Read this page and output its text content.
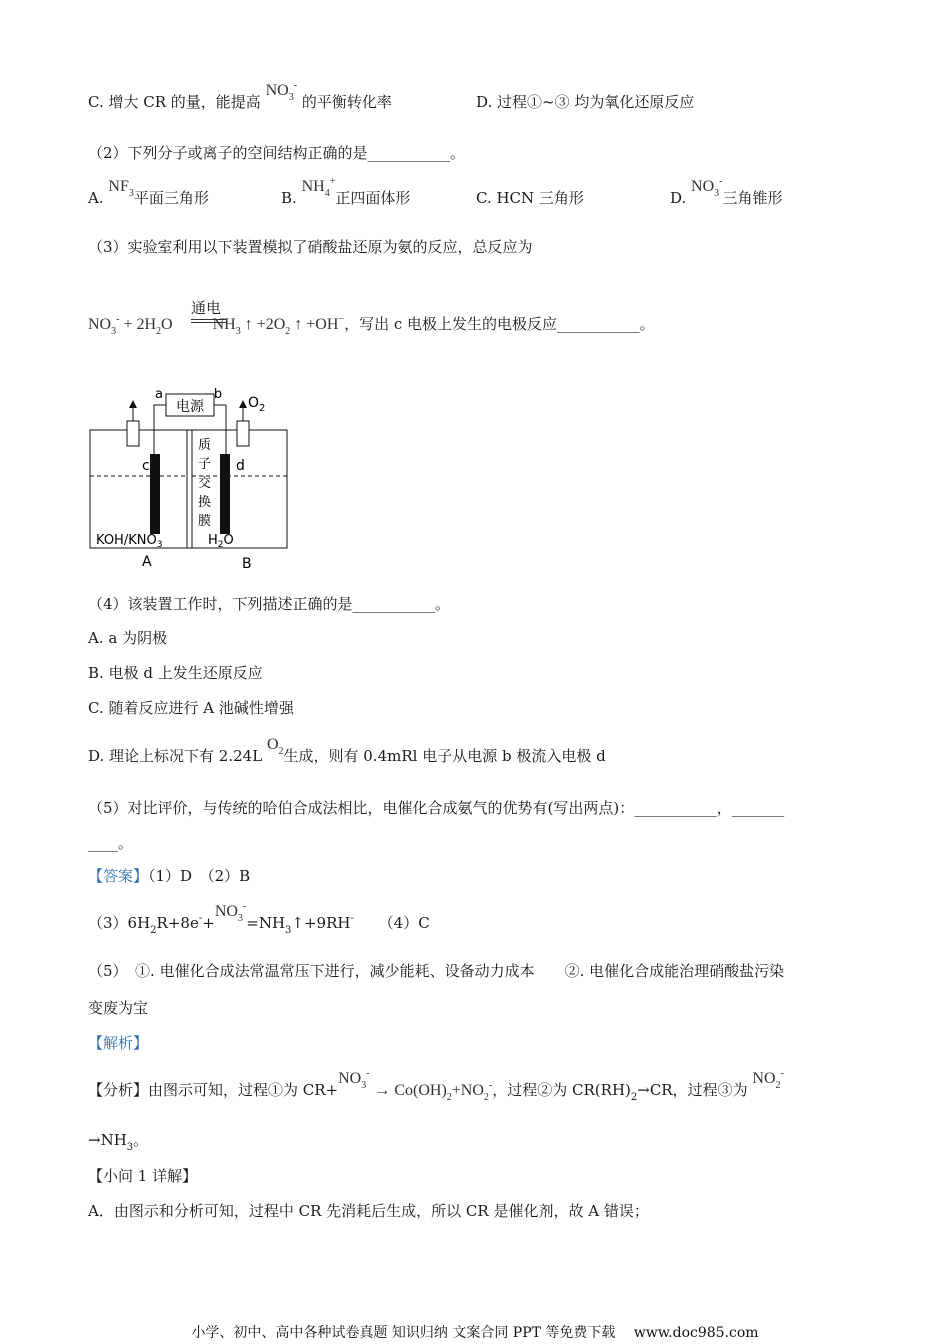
C. 增大 CR 的量，能提高 $NO_3^-$ 的平衡转化率	D. 过程①~③ 均为氧化还原反应
（2）下列分子或离子的空间结构正确的是___________。
A. $NF_3$平面三角形	B. $NH_4^+$正四面体形	C. HCN 三角形	D. $NO_3^-$三角锥形
（3）实验室利用以下装置模拟了硝酸盐还原为氨的反应，总反应为
通电
$NO_3^- + 2H_2O$	$NH_3$ ↑ $+2O_2$ ↑ +OH−，写出 c 电极上发生的电极反应___________。
电源
a	b
$O_2$
c	d
质
子
交
换
膜
KOH/$KNO_3$	$H_2O$
A	B
（4）该装置工作时，下列描述正确的是___________。
A. a 为阴极
B. 电极 d 上发生还原反应
C. 随着反应进行 A 池碱性增强
D. 理论上标况下有 2.24L $O_2$生成，则有 0.4mRl 电子从电源 b 极流入电极 d
（5）对比评价，与传统的哈伯合成法相比，电催化合成氨气的优势有(写出两点)：___________，_______
____。
【答案】（1）D　（2）B
$(3)6H_2R+8e^-+NO_3^-=NH_3↑+9RH^-$ （4）C
（5）　①. 电催化合成法常温常压下进行，减少能耗、设备动力成本　　②. 电催化合成能治理硝酸盐污染
变废为宝
【解析】
【分析】由图示可知，过程①为 $CR+NO_3^- \to Co(OH)_2+NO_2^-$，过程②为 $CR(RH)_2\to CR$，过程③为 $NO_2^-$
$\to NH_3$。
【小问 1 详解】
A．由图示和分析可知，过程中 CR 先消耗后生成，所以 CR 是催化剂，故 A 错误；
小学、初中、高中各种试卷真题 知识归纳 文案合同 PPT 等免费下载　 www.doc985.com
